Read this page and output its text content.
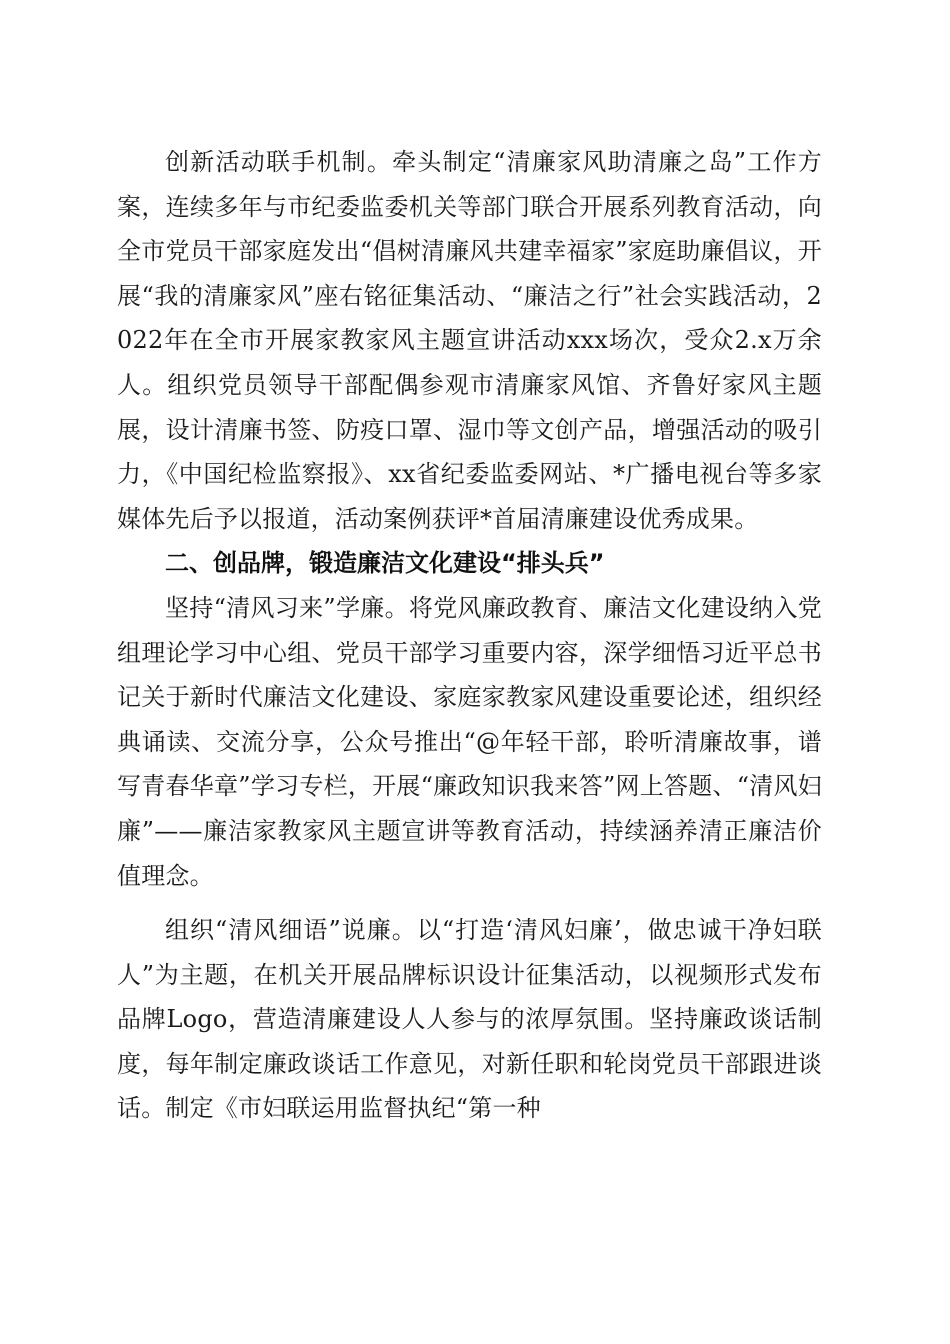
创新活动联手机制。牵头制定“清廉家风助清廉之岛”工作方案，连续多年与市纪委监委机关等部门联合开展系列教育活动，向全市党员干部家庭发出“倡树清廉风共建幸福家”家庭助廉倡议，开展“我的清廉家风”座右铭征集活动、“廉洁之行”社会实践活动，2022年在全市开展家教家风主题宣讲活动xxx场次，受众2.x万余人。组织党员领导干部配偶参观市清廉家风馆、齐鲁好家风主题展，设计清廉书签、防疫口罩、湿巾等文创产品，增强活动的吸引力，《中国纪检监察报》、xx省纪委监委网站、*广播电视台等多家媒体先后予以报道，活动案例获评*首届清廉建设优秀成果。

二、创品牌，锻造廉洁文化建设“排头兵”

坚持“清风习来”学廉。将党风廉政教育、廉洁文化建设纳入党组理论学习中心组、党员干部学习重要内容，深学细悟习近平总书记关于新时代廉洁文化建设、家庭家教家风建设重要论述，组织经典诵读、交流分享，公众号推出“@年轻干部，聆听清廉故事，谱写青春华章”学习专栏，开展“廉政知识我来答”网上答题、“清风妇廉”——廉洁家教家风主题宣讲等教育活动，持续涵养清正廉洁价值理念。

组织“清风细语”说廉。以“打造‘清风妇廉’，做忠诚干净妇联人”为主题，在机关开展品牌标识设计征集活动，以视频形式发布品牌Logo，营造清廉建设人人参与的浓厚氛围。坚持廉政谈话制度，每年制定廉政谈话工作意见，对新任职和轮岗党员干部跟进谈话。制定《市妇联运用监督执纪“第一种
